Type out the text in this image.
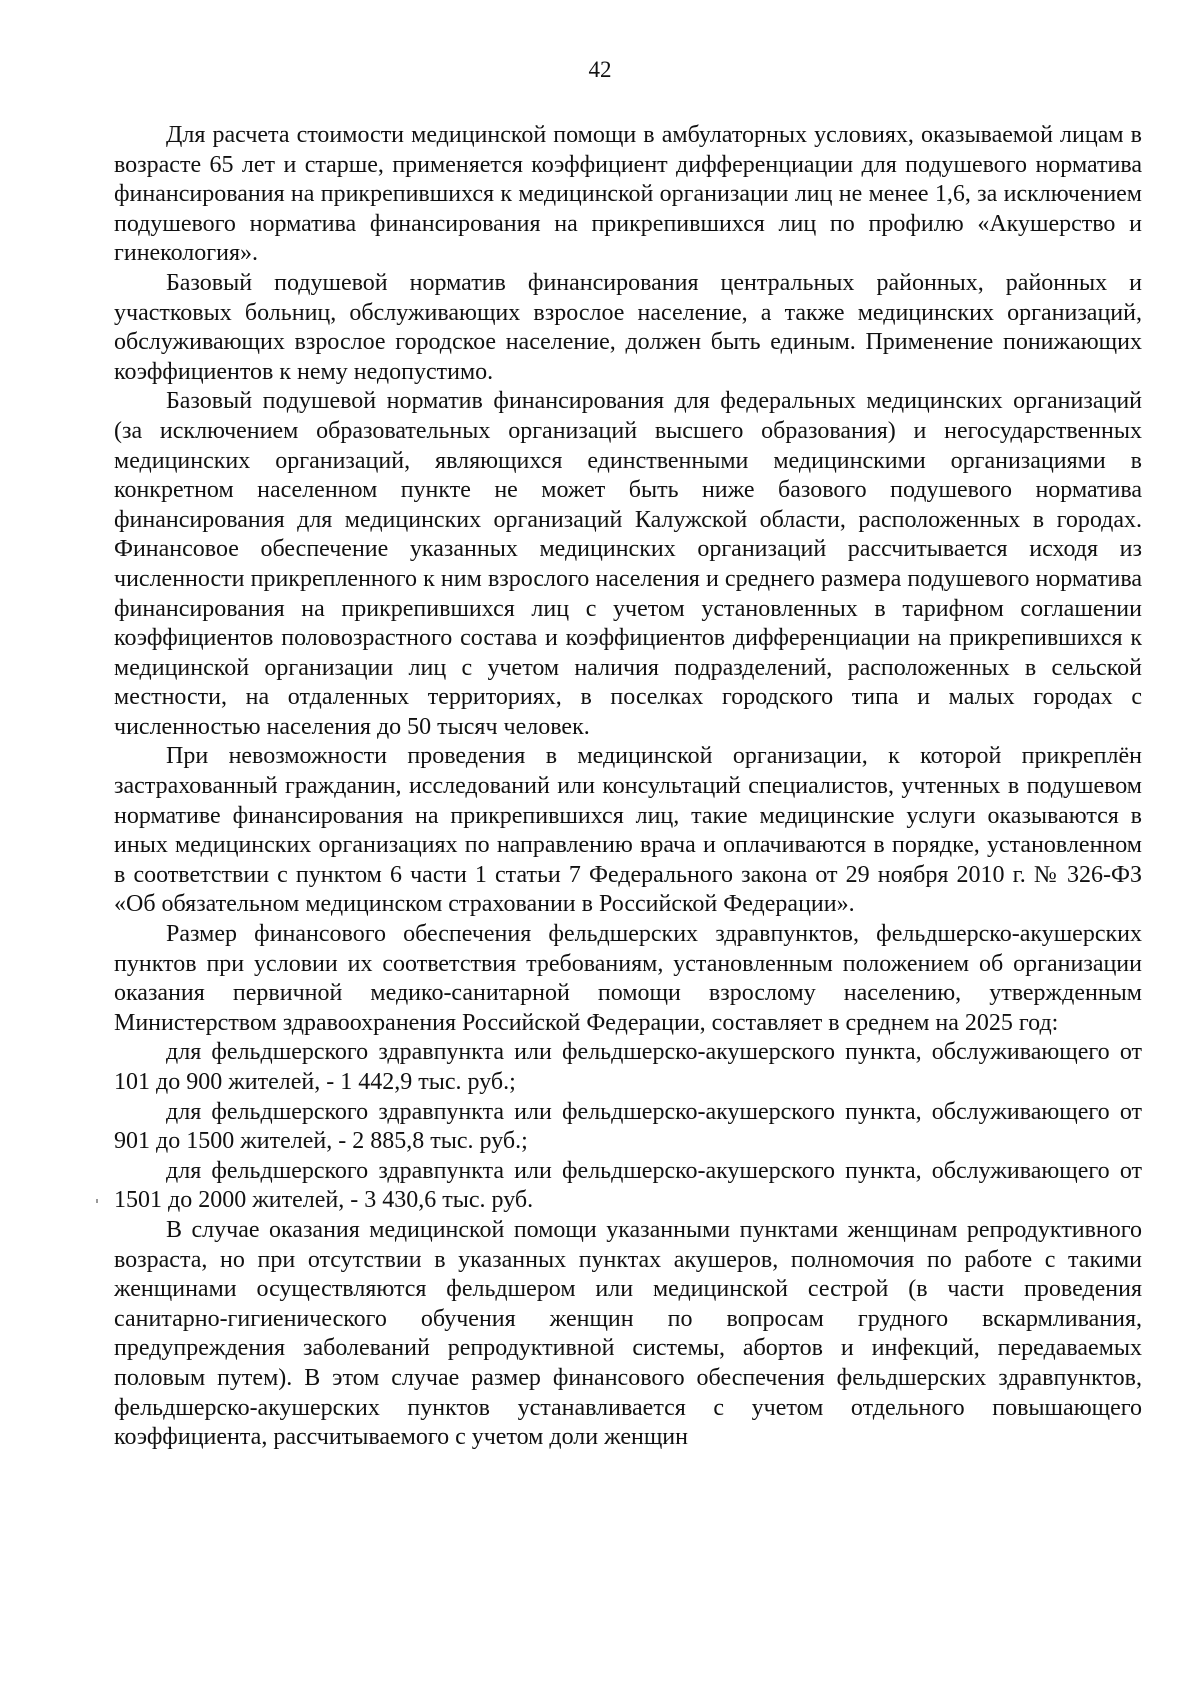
42

Для расчета стоимости медицинской помощи в амбулаторных условиях, оказываемой лицам в возрасте 65 лет и старше, применяется коэффициент дифференциации для подушевого норматива финансирования на прикрепившихся к медицинской организации лиц не менее 1,6, за исключением подушевого норматива финансирования на прикрепившихся лиц по профилю «Акушерство и гинекология».

Базовый подушевой норматив финансирования центральных районных, районных и участковых больниц, обслуживающих взрослое население, а также медицинских организаций, обслуживающих взрослое городское население, должен быть единым. Применение понижающих коэффициентов к нему недопустимо.

Базовый подушевой норматив финансирования для федеральных медицинских организаций (за исключением образовательных организаций высшего образования) и негосударственных медицинских организаций, являющихся единственными медицинскими организациями в конкретном населенном пункте не может быть ниже базового подушевого норматива финансирования для медицинских организаций Калужской области, расположенных в городах. Финансовое обеспечение указанных медицинских организаций рассчитывается исходя из численности прикрепленного к ним взрослого населения и среднего размера подушевого норматива финансирования на прикрепившихся лиц с учетом установленных в тарифном соглашении коэффициентов половозрастного состава и коэффициентов дифференциации на прикрепившихся к медицинской организации лиц с учетом наличия подразделений, расположенных в сельской местности, на отдаленных территориях, в поселках городского типа и малых городах с численностью населения до 50 тысяч человек.

При невозможности проведения в медицинской организации, к которой прикреплён застрахованный гражданин, исследований или консультаций специалистов, учтенных в подушевом нормативе финансирования на прикрепившихся лиц, такие медицинские услуги оказываются в иных медицинских организациях по направлению врача и оплачиваются в порядке, установленном в соответствии с пунктом 6 части 1 статьи 7 Федерального закона от 29 ноября 2010 г. № 326-ФЗ «Об обязательном медицинском страховании в Российской Федерации».

Размер финансового обеспечения фельдшерских здравпунктов, фельдшерско-акушерских пунктов при условии их соответствия требованиям, установленным положением об организации оказания первичной медико-санитарной помощи взрослому населению, утвержденным Министерством здравоохранения Российской Федерации, составляет в среднем на 2025 год:

для фельдшерского здравпункта или фельдшерско-акушерского пункта, обслуживающего от 101 до 900 жителей, - 1 442,9 тыс. руб.;

для фельдшерского здравпункта или фельдшерско-акушерского пункта, обслуживающего от 901 до 1500 жителей, - 2 885,8 тыс. руб.;

для фельдшерского здравпункта или фельдшерско-акушерского пункта, обслуживающего от 1501 до 2000 жителей, - 3 430,6 тыс. руб.

В случае оказания медицинской помощи указанными пунктами женщинам репродуктивного возраста, но при отсутствии в указанных пунктах акушеров, полномочия по работе с такими женщинами осуществляются фельдшером или медицинской сестрой (в части проведения санитарно-гигиенического обучения женщин по вопросам грудного вскармливания, предупреждения заболеваний репродуктивной системы, абортов и инфекций, передаваемых половым путем). В этом случае размер финансового обеспечения фельдшерских здравпунктов, фельдшерско-акушерских пунктов устанавливается с учетом отдельного повышающего коэффициента, рассчитываемого с учетом доли женщин
